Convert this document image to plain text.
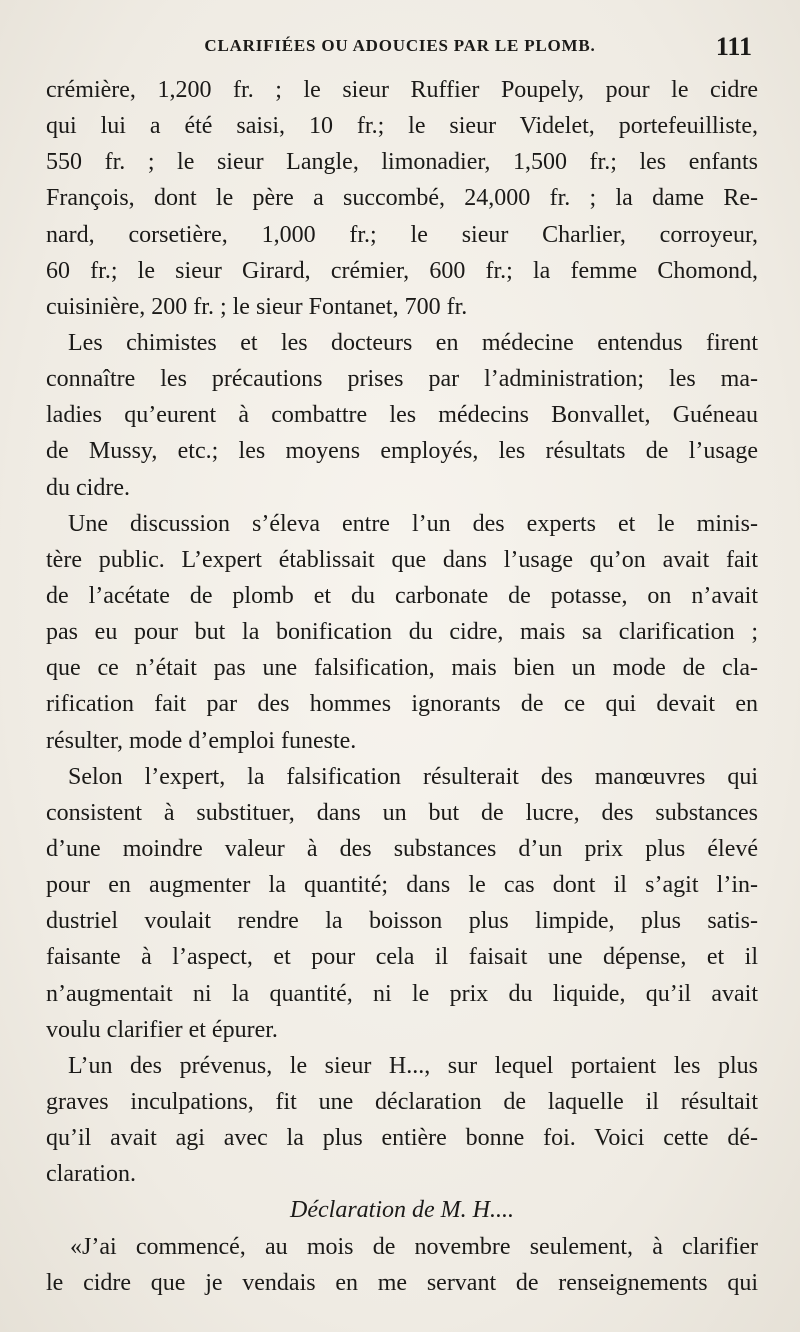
CLARIFIÉES OU ADOUCIES PAR LE PLOMB.	111
crémière, 1,200 fr. ; le sieur Ruffier Poupely, pour le cidre
qui lui a été saisi, 10 fr.; le sieur Videlet, portefeuilliste,
550 fr. ; le sieur Langle, limonadier, 1,500 fr.; les enfants
François, dont le père a succombé, 24,000 fr. ; la dame Re-
nard, corsetière, 1,000 fr.; le sieur Charlier, corroyeur,
60 fr.; le sieur Girard, crémier, 600 fr.; la femme Chomond,
cuisinière, 200 fr. ; le sieur Fontanet, 700 fr.
Les chimistes et les docteurs en médecine entendus firent
connaître les précautions prises par l’administration; les ma-
ladies qu’eurent à combattre les médecins Bonvallet, Guéneau
de Mussy, etc.; les moyens employés, les résultats de l’usage
du cidre.
Une discussion s’éleva entre l’un des experts et le minis-
tère public. L’expert établissait que dans l’usage qu’on avait fait
de l’acétate de plomb et du carbonate de potasse, on n’avait
pas eu pour but la bonification du cidre, mais sa clarification ;
que ce n’était pas une falsification, mais bien un mode de cla-
rification fait par des hommes ignorants de ce qui devait en
résulter, mode d’emploi funeste.
Selon l’expert, la falsification résulterait des manœuvres qui
consistent à substituer, dans un but de lucre, des substances
d’une moindre valeur à des substances d’un prix plus élevé
pour en augmenter la quantité; dans le cas dont il s’agit l’in-
dustriel voulait rendre la boisson plus limpide, plus satis-
faisante à l’aspect, et pour cela il faisait une dépense, et il
n’augmentait ni la quantité, ni le prix du liquide, qu’il avait
voulu clarifier et épurer.
L’un des prévenus, le sieur H..., sur lequel portaient les plus
graves inculpations, fit une déclaration de laquelle il résultait
qu’il avait agi avec la plus entière bonne foi. Voici cette dé-
claration.
Déclaration de M. H....
«J’ai commencé, au mois de novembre seulement, à clarifier
le cidre que je vendais en me servant de renseignements qui
